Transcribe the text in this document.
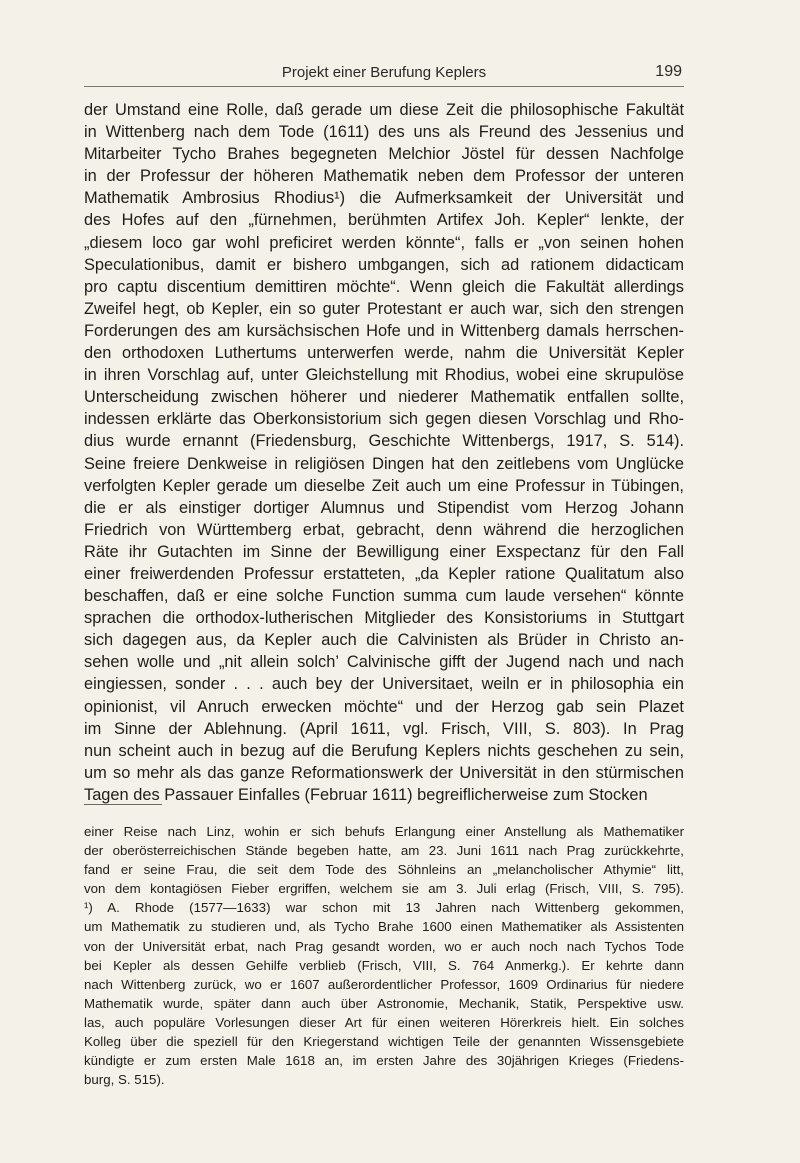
Projekt einer Berufung Keplers	199
der Umstand eine Rolle, daß gerade um diese Zeit die philosophische Fakultät
in Wittenberg nach dem Tode (1611) des uns als Freund des Jessenius und
Mitarbeiter Tycho Brahes begegneten Melchior Jöstel für dessen Nachfolge
in der Professur der höheren Mathematik neben dem Professor der unteren
Mathematik Ambrosius Rhodius¹) die Aufmerksamkeit der Universität und
des Hofes auf den „fürnehmen, berühmten Artifex Joh. Kepler“ lenkte, der
„diesem loco gar wohl preficiret werden könnte“, falls er „von seinen hohen
Speculationibus, damit er bishero umbgangen, sich ad rationem didacticam
pro captu discentium demittiren möchte“. Wenn gleich die Fakultät allerdings
Zweifel hegt, ob Kepler, ein so guter Protestant er auch war, sich den strengen
Forderungen des am kursächsischen Hofe und in Wittenberg damals herrschen-
den orthodoxen Luthertums unterwerfen werde, nahm die Universität Kepler
in ihren Vorschlag auf, unter Gleichstellung mit Rhodius, wobei eine skrupulöse
Unterscheidung zwischen höherer und niederer Mathematik entfallen sollte,
indessen erklärte das Oberkonsistorium sich gegen diesen Vorschlag und Rho-
dius wurde ernannt (Friedensburg, Geschichte Wittenbergs, 1917, S. 514).
Seine freiere Denkweise in religiösen Dingen hat den zeitlebens vom Unglücke
verfolgten Kepler gerade um dieselbe Zeit auch um eine Professur in Tübingen,
die er als einstiger dortiger Alumnus und Stipendist vom Herzog Johann
Friedrich von Württemberg erbat, gebracht, denn während die herzoglichen
Räte ihr Gutachten im Sinne der Bewilligung einer Exspectanz für den Fall
einer freiwerdenden Professur erstatteten, „da Kepler ratione Qualitatum also
beschaffen, daß er eine solche Function summa cum laude versehen“ könnte
sprachen die orthodox-lutherischen Mitglieder des Konsistoriums in Stuttgart
sich dagegen aus, da Kepler auch die Calvinisten als Brüder in Christo an-
sehen wolle und „nit allein solch’ Calvinische gifft der Jugend nach und nach
eingiessen, sonder . . . auch bey der Universitaet, weiln er in philosophia ein
opinionist, vil Anruch erwecken möchte“ und der Herzog gab sein Plazet
im Sinne der Ablehnung. (April 1611, vgl. Frisch, VIII, S. 803). In Prag
nun scheint auch in bezug auf die Berufung Keplers nichts geschehen zu sein,
um so mehr als das ganze Reformationswerk der Universität in den stürmischen
Tagen des Passauer Einfalles (Februar 1611) begreiflicherweise zum Stocken
einer Reise nach Linz, wohin er sich behufs Erlangung einer Anstellung als Mathematiker
der oberösterreichischen Stände begeben hatte, am 23. Juni 1611 nach Prag zurückkehrte,
fand er seine Frau, die seit dem Tode des Söhnleins an „melancholischer Athymie“ litt,
von dem kontagiösen Fieber ergriffen, welchem sie am 3. Juli erlag (Frisch, VIII, S. 795).
¹) A. Rhode (1577—1633) war schon mit 13 Jahren nach Wittenberg gekommen,
um Mathematik zu studieren und, als Tycho Brahe 1600 einen Mathematiker als Assistenten
von der Universität erbat, nach Prag gesandt worden, wo er auch noch nach Tychos Tode
bei Kepler als dessen Gehilfe verblieb (Frisch, VIII, S. 764 Anmerkg.). Er kehrte dann
nach Wittenberg zurück, wo er 1607 außerordentlicher Professor, 1609 Ordinarius für niedere
Mathematik wurde, später dann auch über Astronomie, Mechanik, Statik, Perspektive usw.
las, auch populäre Vorlesungen dieser Art für einen weiteren Hörerkreis hielt. Ein solches
Kolleg über die speziell für den Kriegerstand wichtigen Teile der genannten Wissensgebiete
kündigte er zum ersten Male 1618 an, im ersten Jahre des 30jährigen Krieges (Friedens-
burg, S. 515).
